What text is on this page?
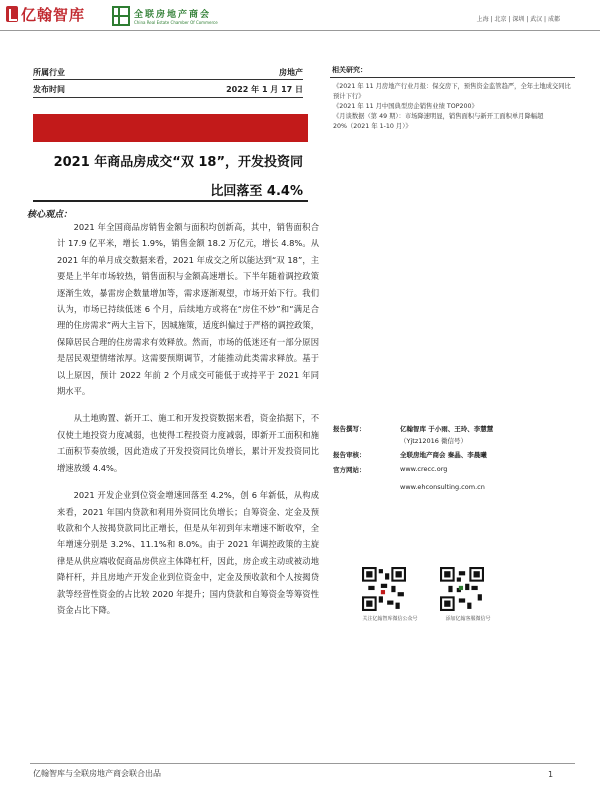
亿翰智库	全联房地产商会
China Real Estate Chamber Of Commerce	上海 | 北京 | 深圳 | 武汉 | 成都
所属行业	房地产
发布时间	2022 年 1 月 17 日
2021 年商品房成交“双 18”，开发投资同
比回落至 4.4%
核心观点：

2021 年全国商品房销售金额与面积均创新高，其中，销售面积合计 17.9 亿平米，增长 1.9%，销售金额 18.2 万亿元，增长 4.8%。从 2021 年的单月成交数据来看，2021 年成交之所以能达到“双 18”，主要是上半年市场较热，销售面积与金额高速增长。下半年随着调控政策逐渐生效，暴雷房企数量增加等，需求逐渐观望，市场开始下行。我们认为，市场已持续低迷 6 个月，后续地方或将在“房住不炒”和“满足合理的住房需求”两大主旨下，因城施策，适度纠偏过于严格的调控政策，保障居民合理的住房需求有效释放。然而，市场的低迷还有一部分原因是居民观望情绪浓厚。这需要预期调节，才能推动此类需求释放。基于以上原因，预计 2022 年前 2 个月成交可能低于或持平于 2021 年同期水平。

从土地购置、新开工、施工和开发投资数据来看，资金掐据下，不仅使土地投资力度减弱，也使得工程投资力度减弱，即新开工面积和施工面积节奏放缓，因此造成了开发投资同比负增长，累计开发投资同比增速放缓 4.4%。

2021 开发企业到位资金增速回落至 4.2%，创 6 年新低，从构成来看，2021 年国内贷款和利用外资同比负增长；自筹资金、定金及预收款和个人按揭贷款同比正增长，但是从年初到年末增速不断收窄，全年增速分别是 3.2%、11.1%和 8.0%。由于 2021 年调控政策的主旋律是从供应端收促商品房供应主体降杠杆，因此，房企或主动或被动地降杆杆，并且房地产开发企业到位资金中，定金及预收款和个人按揭贷款等经营性资金的占比较 2020 年提升；国内贷款和自筹资金等筹资性资金占比下降。

相关研究：
《2021 年 11 月房地产行业月报：保交房下，预售资金监管趋严，全年土地成交同比预计下行》
《2021 年 11 月中国典型房企销售业绩 TOP200》
《月谈数据（第 49 期）：市场降速明显，销售面积与新开工面积单月降幅超 20%（2021 年 1-10 月）》
报告撰写：	亿翰智库 于小雨、王玲、李慧慧
（Yjtz12016 微信号）
报告审核：	全联房地产商会 秦晶、李晨曦
官方网站：	www.crecc.org
www.ehconsulting.com.cn
关注亿翰智库微信公众号	添加亿翰客服微信号
亿翰智库与全联房地产商会联合出品	1
